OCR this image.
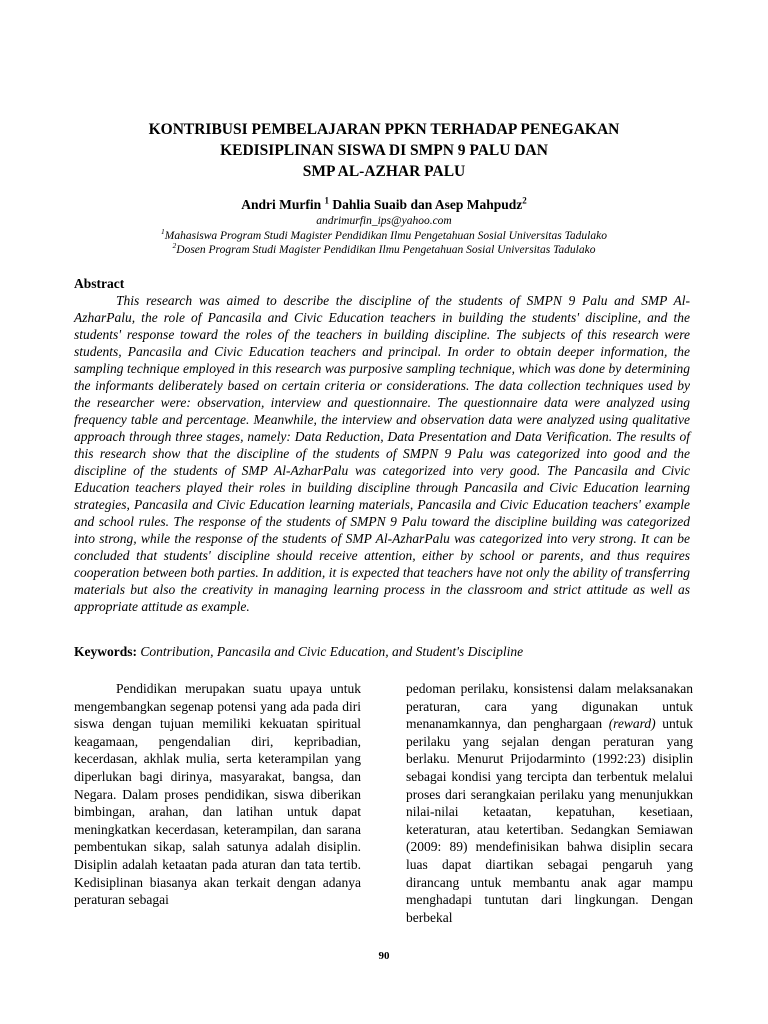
KONTRIBUSI PEMBELAJARAN PPKN TERHADAP PENEGAKAN
KEDISIPLINAN SISWA DI SMPN 9 PALU DAN
SMP AL-AZHAR PALU
Andri Murfin $^1$ Dahlia Suaib dan Asep Mahpudz$^2$
andrimurfin_ips@yahoo.com
$^1$Mahasiswa Program Studi Magister Pendidikan Ilmu Pengetahuan Sosial Universitas Tadulako
$^2$Dosen Program Studi Magister Pendidikan Ilmu Pengetahuan Sosial Universitas Tadulako
Abstract

This research was aimed to describe the discipline of the students of SMPN 9 Palu and SMP Al-AzharPalu, the role of Pancasila and Civic Education teachers in building the students' discipline, and the students' response toward the roles of the teachers in building discipline. The subjects of this research were students, Pancasila and Civic Education teachers and principal. In order to obtain deeper information, the sampling technique employed in this research was purposive sampling technique, which was done by determining the informants deliberately based on certain criteria or considerations. The data collection techniques used by the researcher were: observation, interview and questionnaire. The questionnaire data were analyzed using frequency table and percentage. Meanwhile, the interview and observation data were analyzed using qualitative approach through three stages, namely: Data Reduction, Data Presentation and Data Verification. The results of this research show that the discipline of the students of SMPN 9 Palu was categorized into good and the discipline of the students of SMP Al-AzharPalu was categorized into very good. The Pancasila and Civic Education teachers played their roles in building discipline through Pancasila and Civic Education learning strategies, Pancasila and Civic Education learning materials, Pancasila and Civic Education teachers' example and school rules. The response of the students of SMPN 9 Palu toward the discipline building was categorized into strong, while the response of the students of SMP Al-AzharPalu was categorized into very strong. It can be concluded that students' discipline should receive attention, either by school or parents, and thus requires cooperation between both parties. In addition, it is expected that teachers have not only the ability of transferring materials but also the creativity in managing learning process in the classroom and strict attitude as well as appropriate attitude as example.

Keywords: Contribution, Pancasila and Civic Education, and Student's Discipline

Pendidikan merupakan suatu upaya untuk mengembangkan segenap potensi yang ada pada diri siswa dengan tujuan memiliki kekuatan spiritual keagamaan, pengendalian diri, kepribadian, kecerdasan, akhlak mulia, serta keterampilan yang diperlukan bagi dirinya, masyarakat, bangsa, dan Negara. Dalam proses pendidikan, siswa diberikan bimbingan, arahan, dan latihan untuk dapat meningkatkan kecerdasan, keterampilan, dan sarana pembentukan sikap, salah satunya adalah disiplin. Disiplin adalah ketaatan pada aturan dan tata tertib. Kedisiplinan biasanya akan terkait dengan adanya peraturan sebagai

pedoman perilaku, konsistensi dalam melaksanakan peraturan, cara yang digunakan untuk menanamkannya, dan penghargaan (reward) untuk perilaku yang sejalan dengan peraturan yang berlaku. Menurut Prijodarminto (1992:23) disiplin sebagai kondisi yang tercipta dan terbentuk melalui proses dari serangkaian perilaku yang menunjukkan nilai-nilai ketaatan, kepatuhan, kesetiaan, keteraturan, atau ketertiban. Sedangkan Semiawan (2009: 89) mendefinisikan bahwa disiplin secara luas dapat diartikan sebagai pengaruh yang dirancang untuk membantu anak agar mampu menghadapi tuntutan dari lingkungan. Dengan berbekal

90
